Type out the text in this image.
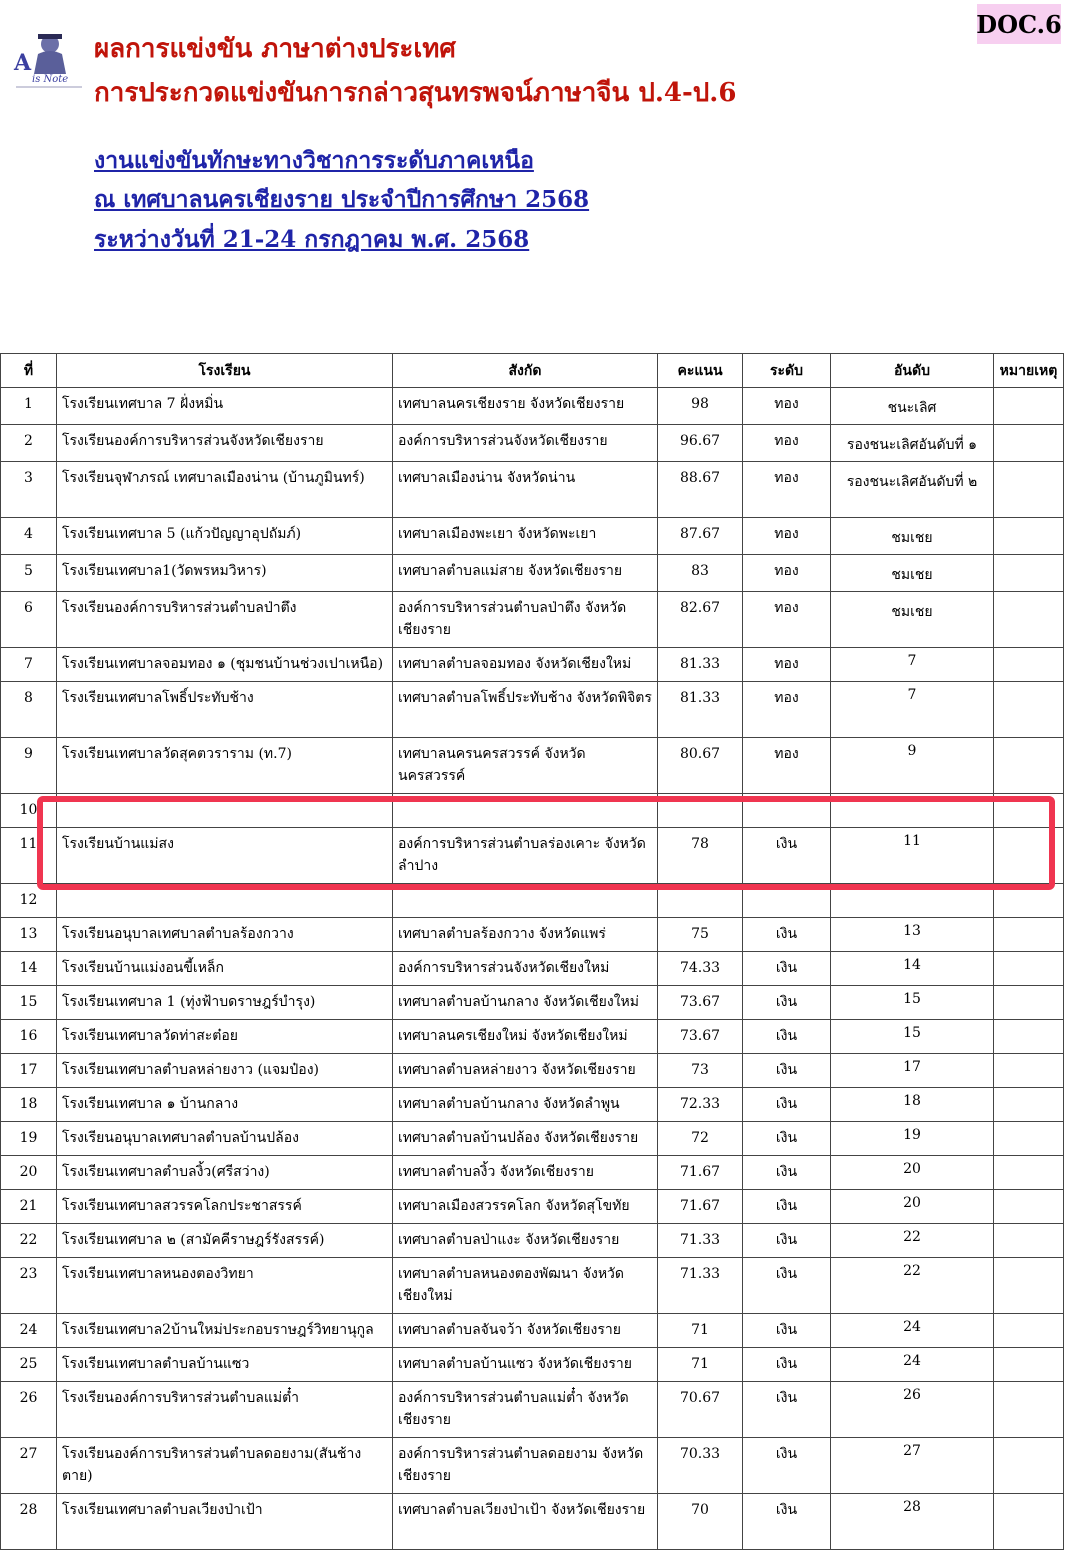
A
is Note
DOC.6
ผลการแข่งขัน ภาษาต่างประเทศ
การประกวดแข่งขันการกล่าวสุนทรพจน์ภาษาจีน ป.4-ป.6
งานแข่งขันทักษะทางวิชาการระดับภาคเหนือ
ณ เทศบาลนครเชียงราย ประจำปีการศึกษา 2568
ระหว่างวันที่ 21-24 กรกฎาคม พ.ศ. 2568
ที่	โรงเรียน	สังกัด	คะแนน	ระดับ	อันดับ	หมายเหตุ
1	โรงเรียนเทศบาล 7 ฝั่งหมิ่น	เทศบาลนครเชียงราย จังหวัดเชียงราย	98	ทอง	ชนะเลิศ	
2	โรงเรียนองค์การบริหารส่วนจังหวัดเชียงราย	องค์การบริหารส่วนจังหวัดเชียงราย	96.67	ทอง	รองชนะเลิศอันดับที่ ๑	
3	โรงเรียนจุฬาภรณ์ เทศบาลเมืองน่าน (บ้านภูมินทร์)	เทศบาลเมืองน่าน จังหวัดน่าน	88.67	ทอง	รองชนะเลิศอันดับที่ ๒	
4	โรงเรียนเทศบาล 5 (แก้วปัญญาอุปถัมภ์)	เทศบาลเมืองพะเยา จังหวัดพะเยา	87.67	ทอง	ชมเชย	
5	โรงเรียนเทศบาล1(วัดพรหมวิหาร)	เทศบาลตำบลแม่สาย จังหวัดเชียงราย	83	ทอง	ชมเชย	
6	โรงเรียนองค์การบริหารส่วนตำบลป่าตึง	องค์การบริหารส่วนตำบลป่าตึง จังหวัดเชียงราย	82.67	ทอง	ชมเชย	
7	โรงเรียนเทศบาลจอมทอง ๑ (ชุมชนบ้านช่วงเปาเหนือ)	เทศบาลตำบลจอมทอง จังหวัดเชียงใหม่	81.33	ทอง	7	
8	โรงเรียนเทศบาลโพธิ์ประทับช้าง	เทศบาลตำบลโพธิ์ประทับช้าง จังหวัดพิจิตร	81.33	ทอง	7	
9	โรงเรียนเทศบาลวัดสุคตวราราม (ท.7)	เทศบาลนครนครสวรรค์ จังหวัดนครสวรรค์	80.67	ทอง	9	
10						
11	โรงเรียนบ้านแม่สง	องค์การบริหารส่วนตำบลร่องเคาะ จังหวัดลำปาง	78	เงิน	11	
12						
13	โรงเรียนอนุบาลเทศบาลตำบลร้องกวาง	เทศบาลตำบลร้องกวาง จังหวัดแพร่	75	เงิน	13	
14	โรงเรียนบ้านแม่งอนขี้เหล็ก	องค์การบริหารส่วนจังหวัดเชียงใหม่	74.33	เงิน	14	
15	โรงเรียนเทศบาล 1 (ทุ่งฟ้าบดราษฎร์บำรุง)	เทศบาลตำบลบ้านกลาง จังหวัดเชียงใหม่	73.67	เงิน	15	
16	โรงเรียนเทศบาลวัดท่าสะต๋อย	เทศบาลนครเชียงใหม่ จังหวัดเชียงใหม่	73.67	เงิน	15	
17	โรงเรียนเทศบาลตำบลหล่ายงาว (แจมป๋อง)	เทศบาลตำบลหล่ายงาว จังหวัดเชียงราย	73	เงิน	17	
18	โรงเรียนเทศบาล ๑ บ้านกลาง	เทศบาลตำบลบ้านกลาง จังหวัดลำพูน	72.33	เงิน	18	
19	โรงเรียนอนุบาลเทศบาลตำบลบ้านปล้อง	เทศบาลตำบลบ้านปล้อง จังหวัดเชียงราย	72	เงิน	19	
20	โรงเรียนเทศบาลตำบลงิ้ว(ศรีสว่าง)	เทศบาลตำบลงิ้ว จังหวัดเชียงราย	71.67	เงิน	20	
21	โรงเรียนเทศบาลสวรรคโลกประชาสรรค์	เทศบาลเมืองสวรรคโลก จังหวัดสุโขทัย	71.67	เงิน	20	
22	โรงเรียนเทศบาล ๒ (สามัคคีราษฎร์รังสรรค์)	เทศบาลตำบลป่าแงะ จังหวัดเชียงราย	71.33	เงิน	22	
23	โรงเรียนเทศบาลหนองตองวิทยา	เทศบาลตำบลหนองตองพัฒนา จังหวัดเชียงใหม่	71.33	เงิน	22	
24	โรงเรียนเทศบาล2บ้านใหม่ประกอบราษฎร์วิทยานุกูล	เทศบาลตำบลจันจว้า จังหวัดเชียงราย	71	เงิน	24	
25	โรงเรียนเทศบาลตำบลบ้านแซว	เทศบาลตำบลบ้านแซว จังหวัดเชียงราย	71	เงิน	24	
26	โรงเรียนองค์การบริหารส่วนตำบลแม่ต๋ำ	องค์การบริหารส่วนตำบลแม่ต๋ำ จังหวัดเชียงราย	70.67	เงิน	26	
27	โรงเรียนองค์การบริหารส่วนตำบลดอยงาม(สันช้างตาย)	องค์การบริหารส่วนตำบลดอยงาม จังหวัดเชียงราย	70.33	เงิน	27	
28	โรงเรียนเทศบาลตำบลเวียงป่าเป้า	เทศบาลตำบลเวียงป่าเป้า จังหวัดเชียงราย	70	เงิน	28	
